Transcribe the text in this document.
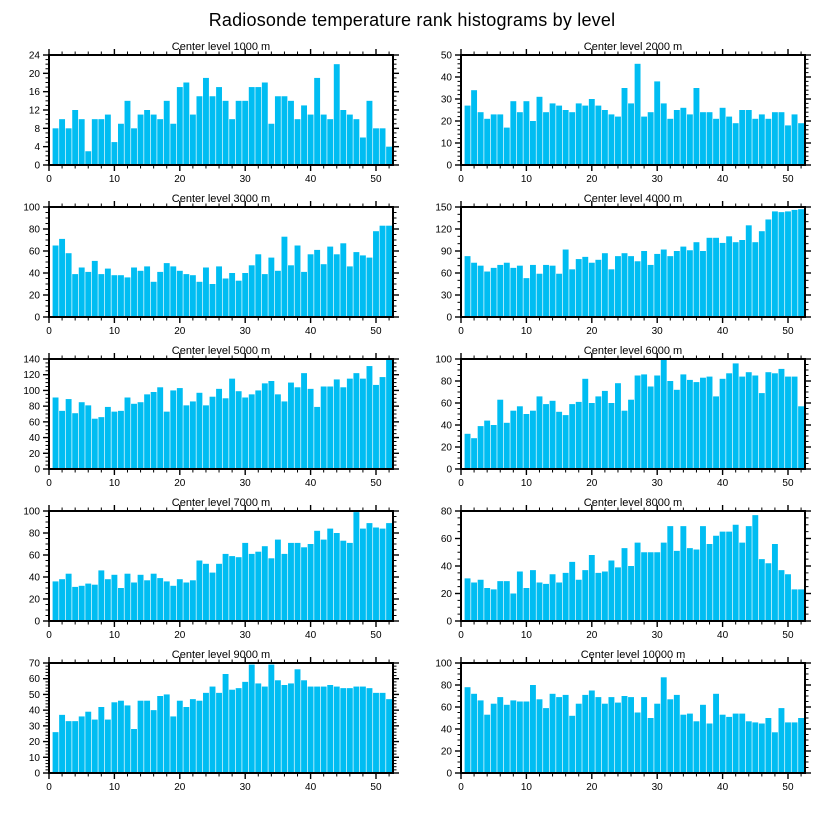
Radiosonde temperature rank histograms by level
Center level 1000 m
0	10	20	30	40	50
0
4
8
12
16
20
24
Center level 2000 m
0	10	20	30	40	50
0
10
20
30
40
50
Center level 3000 m
0	10	20	30	40	50
0
20
40
60
80
100
Center level 4000 m
0	10	20	30	40	50
0
30
60
90
120
150
Center level 5000 m
0	10	20	30	40	50
0
20
40
60
80
100
120
140
Center level 6000 m
0	10	20	30	40	50
0
20
40
60
80
100
Center level 7000 m
0	10	20	30	40	50
0
20
40
60
80
100
Center level 8000 m
0	10	20	30	40	50
0
20
40
60
80
Center level 9000 m
0	10	20	30	40	50
0
10
20
30
40
50
60
70
Center level 10000 m
0	10	20	30	40	50
0
20
40
60
80
100
